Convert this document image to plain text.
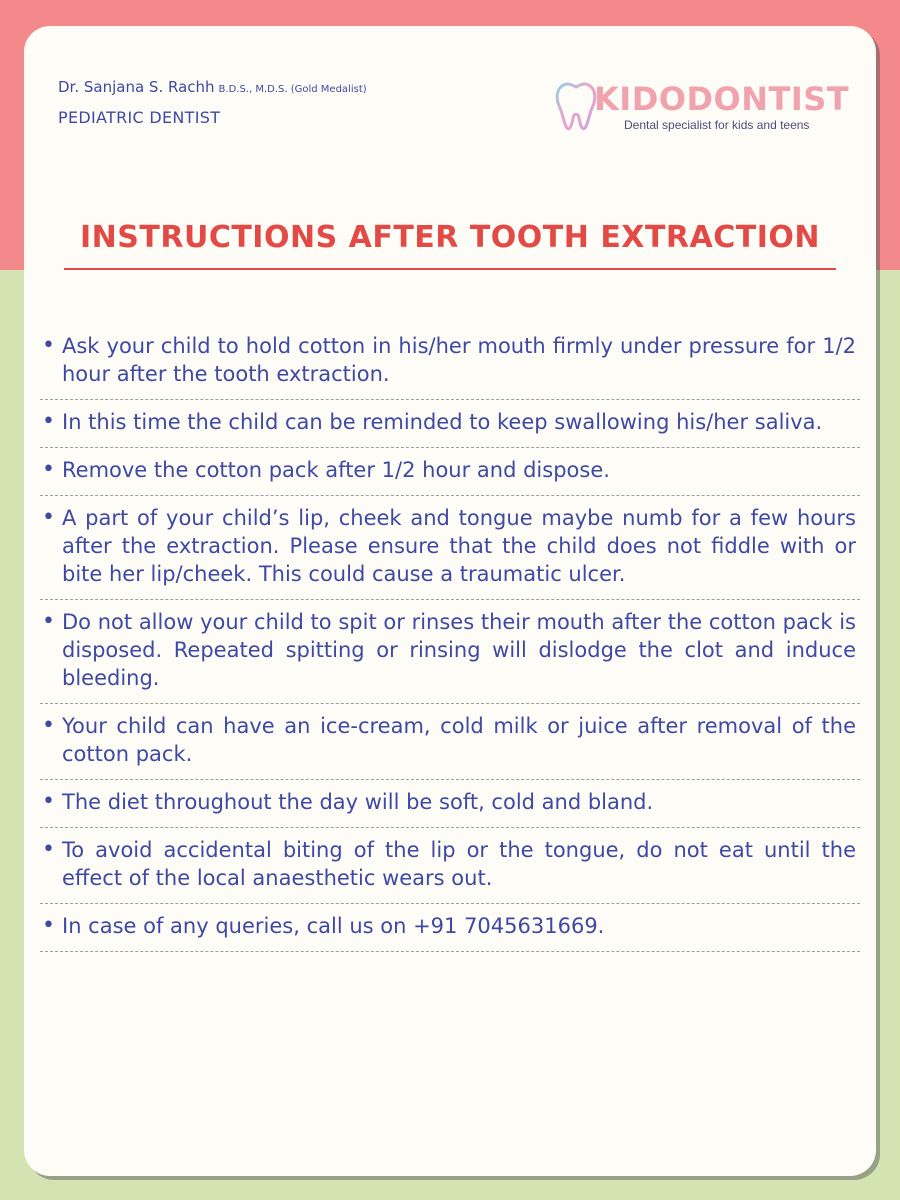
Dr. Sanjana S. Rachh B.D.S., M.D.S. (Gold Medalist)
PEDIATRIC DENTIST	KIDODONTIST
Dental specialist for kids and teens
INSTRUCTIONS AFTER TOOTH EXTRACTION
• Ask your child to hold cotton in his/her mouth firmly under pressure for 1/2 hour after the tooth extraction.
• In this time the child can be reminded to keep swallowing his/her saliva.
• Remove the cotton pack after 1/2 hour and dispose.
• A part of your child’s lip, cheek and tongue maybe numb for a few hours after the extraction. Please ensure that the child does not fiddle with or bite her lip/cheek. This could cause a traumatic ulcer.
• Do not allow your child to spit or rinses their mouth after the cotton pack is disposed. Repeated spitting or rinsing will dislodge the clot and induce bleeding.
• Your child can have an ice-cream, cold milk or juice after removal of the cotton pack.
• The diet throughout the day will be soft, cold and bland.
• To avoid accidental biting of the lip or the tongue, do not eat until the effect of the local anaesthetic wears out.
• In case of any queries, call us on +91 7045631669.
